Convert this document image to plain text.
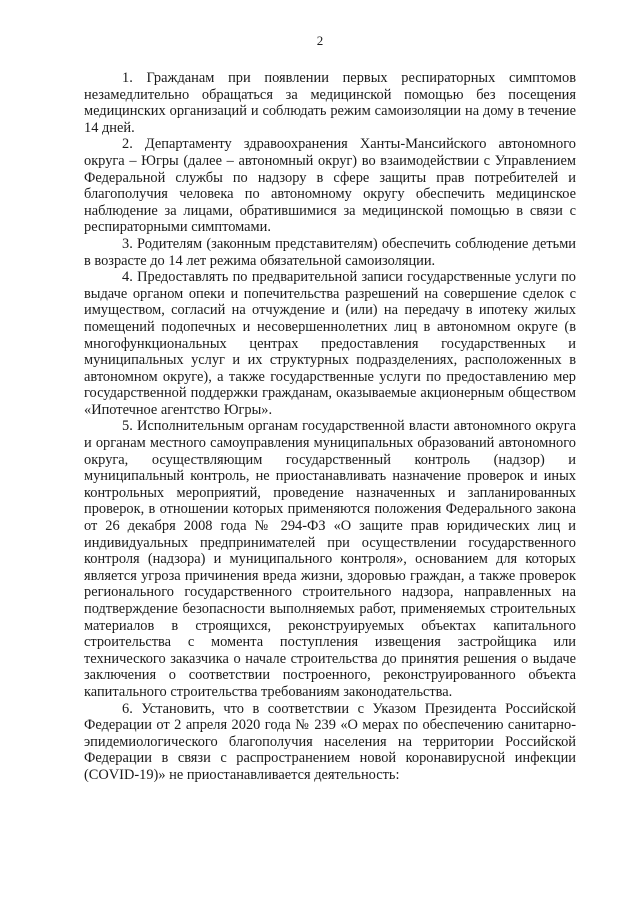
2

1. Гражданам при появлении первых респираторных симптомов незамедлительно обращаться за медицинской помощью без посещения медицинских организаций и соблюдать режим самоизоляции на дому в течение 14 дней.

2. Департаменту здравоохранения Ханты-Мансийского автономного округа – Югры (далее – автономный округ) во взаимодействии с Управлением Федеральной службы по надзору в сфере защиты прав потребителей и благополучия человека по автономному округу обеспечить медицинское наблюдение за лицами, обратившимися за медицинской помощью в связи с респираторными симптомами.

3. Родителям (законным представителям) обеспечить соблюдение детьми в возрасте до 14 лет режима обязательной самоизоляции.

4. Предоставлять по предварительной записи государственные услуги по выдаче органом опеки и попечительства разрешений на совершение сделок с имуществом, согласий на отчуждение и (или) на передачу в ипотеку жилых помещений подопечных и несовершеннолетних лиц в автономном округе (в многофункциональных центрах предоставления государственных и муниципальных услуг и их структурных подразделениях, расположенных в автономном округе), а также государственные услуги по предоставлению мер государственной поддержки гражданам, оказываемые акционерным обществом «Ипотечное агентство Югры».

5. Исполнительным органам государственной власти автономного округа и органам местного самоуправления муниципальных образований автономного округа, осуществляющим государственный контроль (надзор) и муниципальный контроль, не приостанавливать назначение проверок и иных контрольных мероприятий, проведение назначенных и запланированных проверок, в отношении которых применяются положения Федерального закона от 26 декабря 2008 года № 294-ФЗ «О защите прав юридических лиц и индивидуальных предпринимателей при осуществлении государственного контроля (надзора) и муниципального контроля», основанием для которых является угроза причинения вреда жизни, здоровью граждан, а также проверок регионального государственного строительного надзора, направленных на подтверждение безопасности выполняемых работ, применяемых строительных материалов в строящихся, реконструируемых объектах капитального строительства с момента поступления извещения застройщика или технического заказчика о начале строительства до принятия решения о выдаче заключения о соответствии построенного, реконструированного объекта капитального строительства требованиям законодательства.

6. Установить, что в соответствии с Указом Президента Российской Федерации от 2 апреля 2020 года № 239 «О мерах по обеспечению санитарно-эпидемиологического благополучия населения на территории Российской Федерации в связи с распространением новой коронавирусной инфекции (COVID-19)» не приостанавливается деятельность:
